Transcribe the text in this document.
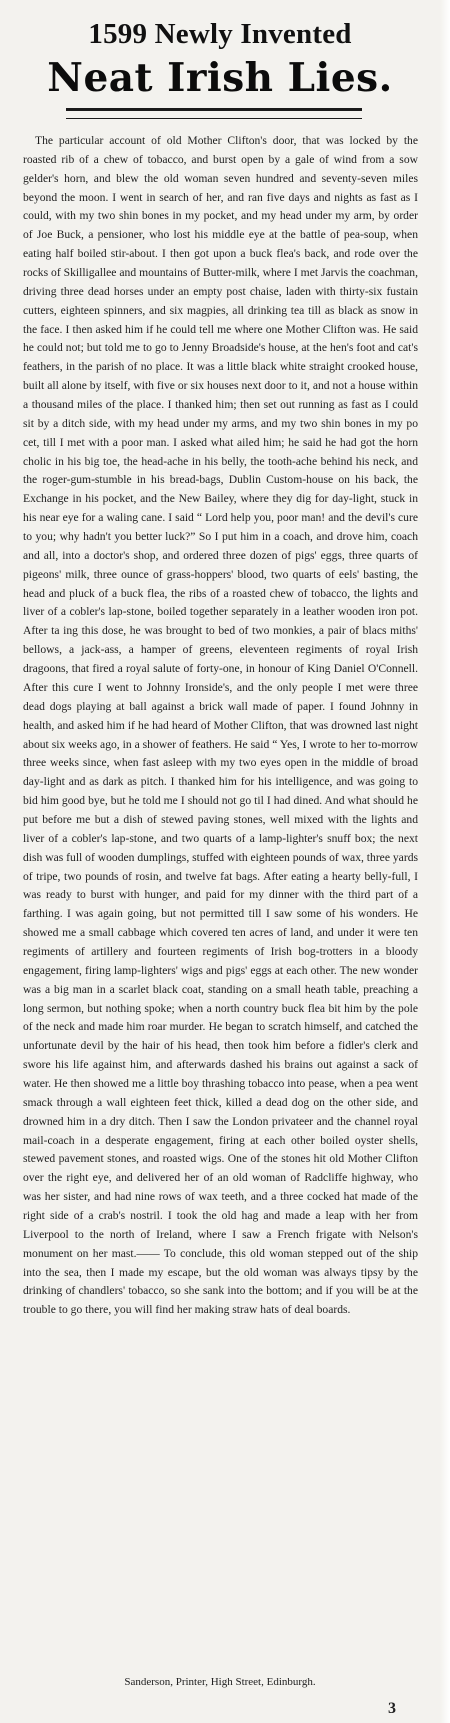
1599 Newly Invented
Neat Irish Lies.

The particular account of old Mother Clifton's door, that was locked by the roasted rib of a chew of tobacco, and burst open by a gale of wind from a sow gelder's horn, and blew the old woman seven hundred and seventy-seven miles beyond the moon. I went in search of her, and ran five days and nights as fast as I could, with my two shin bones in my pocket, and my head under my arm, by order of Joe Buck, a pensioner, who lost his middle eye at the battle of pea-soup, when eating half boiled stir-about. I then got upon a buck flea's back, and rode over the rocks of Skilligallee and mountains of Butter-milk, where I met Jarvis the coachman, driving three dead horses under an empty post chaise, laden with thirty-six fustain cutters, eighteen spinners, and six magpies, all drinking tea till as black as snow in the face. I then asked him if he could tell me where one Mother Clifton was. He said he could not; but told me to go to Jenny Broadside's house, at the hen's foot and cat's feathers, in the parish of no place. It was a little black white straight crooked house, built all alone by itself, with five or six houses next door to it, and not a house within a thousand miles of the place. I thanked him; then set out running as fast as I could sit by a ditch side, with my head under my arms, and my two shin bones in my po cet, till I met with a poor man. I asked what ailed him; he said he had got the horn cholic in his big toe, the head-ache in his belly, the tooth-ache behind his neck, and the roger-gum-stumble in his bread-bags, Dublin Custom-house on his back, the Exchange in his pocket, and the New Bailey, where they dig for day-light, stuck in his near eye for a waling cane. I said “ Lord help you, poor man! and the devil's cure to you; why hadn't you better luck?” So I put him in a coach, and drove him, coach and all, into a doctor's shop, and ordered three dozen of pigs' eggs, three quarts of pigeons' milk, three ounce of grass-hoppers' blood, two quarts of eels' basting, the head and pluck of a buck flea, the ribs of a roasted chew of tobacco, the lights and liver of a cobler's lap-stone, boiled together separately in a leather wooden iron pot. After ta ing this dose, he was brought to bed of two monkies, a pair of blacs miths' bellows, a jack-ass, a hamper of greens, eleventeen regiments of royal Irish dragoons, that fired a royal salute of forty-one, in honour of King Daniel O'Connell. After this cure I went to Johnny Ironside's, and the only people I met were three dead dogs playing at ball against a brick wall made of paper. I found Johnny in health, and asked him if he had heard of Mother Clifton, that was drowned last night about six weeks ago, in a shower of feathers. He said “ Yes, I wrote to her to-morrow three weeks since, when fast asleep with my two eyes open in the middle of broad day-light and as dark as pitch. I thanked him for his intelligence, and was going to bid him good bye, but he told me I should not go til I had dined. And what should he put before me but a dish of stewed paving stones, well mixed with the lights and liver of a cobler's lap-stone, and two quarts of a lamp-lighter's snuff box; the next dish was full of wooden dumplings, stuffed with eighteen pounds of wax, three yards of tripe, two pounds of rosin, and twelve fat bags. After eating a hearty belly-full, I was ready to burst with hunger, and paid for my dinner with the third part of a farthing. I was again going, but not permitted till I saw some of his wonders. He showed me a small cabbage which covered ten acres of land, and under it were ten regiments of artillery and fourteen regiments of Irish bog-trotters in a bloody engagement, firing lamp-lighters' wigs and pigs' eggs at each other. The new wonder was a big man in a scarlet black coat, standing on a small heath table, preaching a long sermon, but nothing spoke; when a north country buck flea bit him by the pole of the neck and made him roar murder. He began to scratch himself, and catched the unfortunate devil by the hair of his head, then took him before a fidler's clerk and swore his life against him, and afterwards dashed his brains out against a sack of water. He then showed me a little boy thrashing tobacco into pease, when a pea went smack through a wall eighteen feet thick, killed a dead dog on the other side, and drowned him in a dry ditch. Then I saw the London privateer and the channel royal mail-coach in a desperate engagement, firing at each other boiled oyster shells, stewed pavement stones, and roasted wigs. One of the stones hit old Mother Clifton over the right eye, and delivered her of an old woman of Radcliffe highway, who was her sister, and had nine rows of wax teeth, and a three cocked hat made of the right side of a crab's nostril. I took the old hag and made a leap with her from Liverpool to the north of Ireland, where I saw a French frigate with Nelson's monument on her mast.—— To conclude, this old woman stepped out of the ship into the sea, then I made my escape, but the old woman was always tipsy by the drinking of chandlers' tobacco, so she sank into the bottom; and if you will be at the trouble to go there, you will find her making straw hats of deal boards.

Sanderson, Printer, High Street, Edinburgh.
3
